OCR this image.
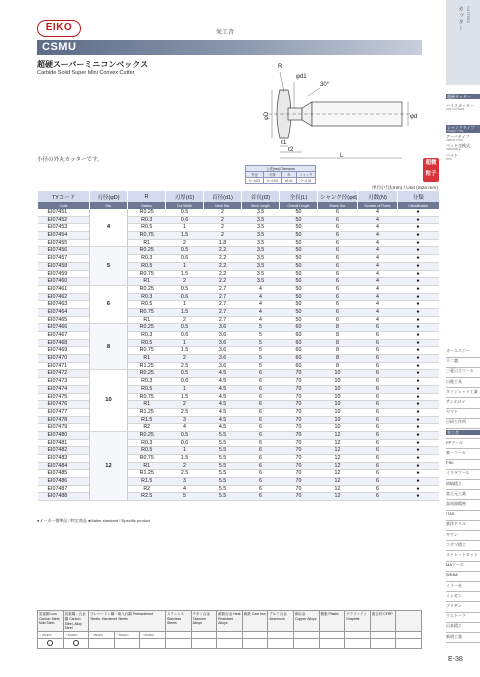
EIKO	栄工舎
CSMU
超硬スーパーミニコンベックス
Carbide Solid Super Mini Convex Cutter
小径の外丸カッターです。
R
φd1
30°
φD	φd
ℓ1
ℓ2
L
公差(mm)/Tolerance			
外径	刃厚	R	シャンク
0~-0.03	0~-0.03	±0.01	0~-0.01
超微粒子
単位(寸法mm) / Unit (Size:mm)
TYコード	刃径(φD)	R	刃厚(ℓ1)	首径(d1)	首長(ℓ2)	全長(L)	シャンク径(φd)	刃数(N)	分類
Code	Dia.	Radius	Cut Width	Neck Dia.	Neck Length	Overall Length	Shank Dia.	Number of Flutes	Classification
EI07451	4	R0.25	0.5	2	3.5	50	6	4	●
EI07452		R0.3	0.6	2	3.5	50	6	4	●
EI07453		R0.5	1	2	3.5	50	6	4	●
EI07454		R0.75	1.5	2	3.5	50	6	4	●
EI07455		R1	2	1.8	3.5	50	6	4	●
EI07456	5	R0.25	0.5	2.2	3.5	50	6	4	●
EI07457		R0.3	0.6	2.2	3.5	50	6	4	●
EI07458		R0.5	1	2.2	3.5	50	6	4	●
EI07459		R0.75	1.5	2.2	3.5	50	6	4	●
EI07460		R1	2	2.2	3.5	50	6	4	●
EI07461	6	R0.25	0.5	2.7	4	50	6	4	●
EI07462		R0.3	0.6	2.7	4	50	6	4	●
EI07463		R0.5	1	2.7	4	50	6	4	●
EI07464		R0.75	1.5	2.7	4	50	6	4	●
EI07465		R1	2	2.7	4	50	6	4	●
EI07466	8	R0.25	0.5	3.6	5	60	8	6	●
EI07467		R0.3	0.6	3.6	5	60	8	6	●
EI07468		R0.5	1	3.6	5	60	8	6	●
EI07469		R0.75	1.5	3.6	5	60	8	6	●
EI07470		R1	2	3.6	5	60	8	6	●
EI07471		R1.25	2.5	3.6	5	60	8	6	●
EI07472	10	R0.25	0.5	4.5	6	70	10	6	●
EI07473		R0.3	0.6	4.5	6	70	10	6	●
EI07474		R0.5	1	4.5	6	70	10	6	●
EI07475		R0.75	1.5	4.5	6	70	10	6	●
EI07476		R1	2	4.5	6	70	10	6	●
EI07477		R1.25	2.5	4.5	6	70	10	6	●
EI07478		R1.5	3	4.5	6	70	10	6	●
EI07479		R2	4	4.5	6	70	10	6	●
EI07480	12	R0.25	0.5	5.5	6	70	12	6	●
EI07481		R0.3	0.6	5.5	6	70	12	6	●
EI07482		R0.5	1	5.5	6	70	12	6	●
EI07483		R0.75	1.5	5.5	6	70	12	6	●
EI07484		R1	2	5.5	6	70	12	6	●
EI07485		R1.25	2.5	5.5	6	70	12	6	●
EI07486		R1.5	3	5.5	6	70	12	6	●
EI07487		R2	4	5.5	6	70	12	6	●
EI07488		R2.5	5	5.5	6	70	12	6	●
●メーカー標準品 □特定商品 ●Maker standard □Specific product
炭素鋼 Low Carbon Steel, Mild Steel	炭素鋼・合金鋼 Carbon Steel, Alloy Steel	プレハードン鋼・焼入れ鋼 Prehardened Steels, Hardened Steels			ステンレス Stainless Steels	チタン合金 Titanium Alloys	耐熱合金 Heat Resistant Alloys	鋳鉄 Cast Iron	アルミ合金 Aluminum	銅合金 Copper Alloys	樹脂 Plastic	グラファイト Graphite	複合材 CFRP	
〜25HRC	〜40HRC	〜45HRC	〜55HRC	〜65HRC										

カッター CUTTERS
超硬カッター
ハイスカッター
HSS CUTTERS
シャンクタイプ
SHANK TYPE
アーバタイプ
ARBOR TYPE
ベッド交換式
INDEXABLE
バイト
BITS
オーエスジー
不二越
三菱日立ツール
日進工具
ダイジェット工業
サンホロイ
ヤマト
日研工作所
栄工舎
FPツール
東一ツール
FSK
イワタツール
岡崎精工
富士元工業
高周波精密
ITAS
東洋ドリル
ギケン
コダマ精工
ストレートカット
MAツール
WEBA
ミラー社
ミシガン
ブリヂン
ウエトーク
山本精工
新明工業
E-38
